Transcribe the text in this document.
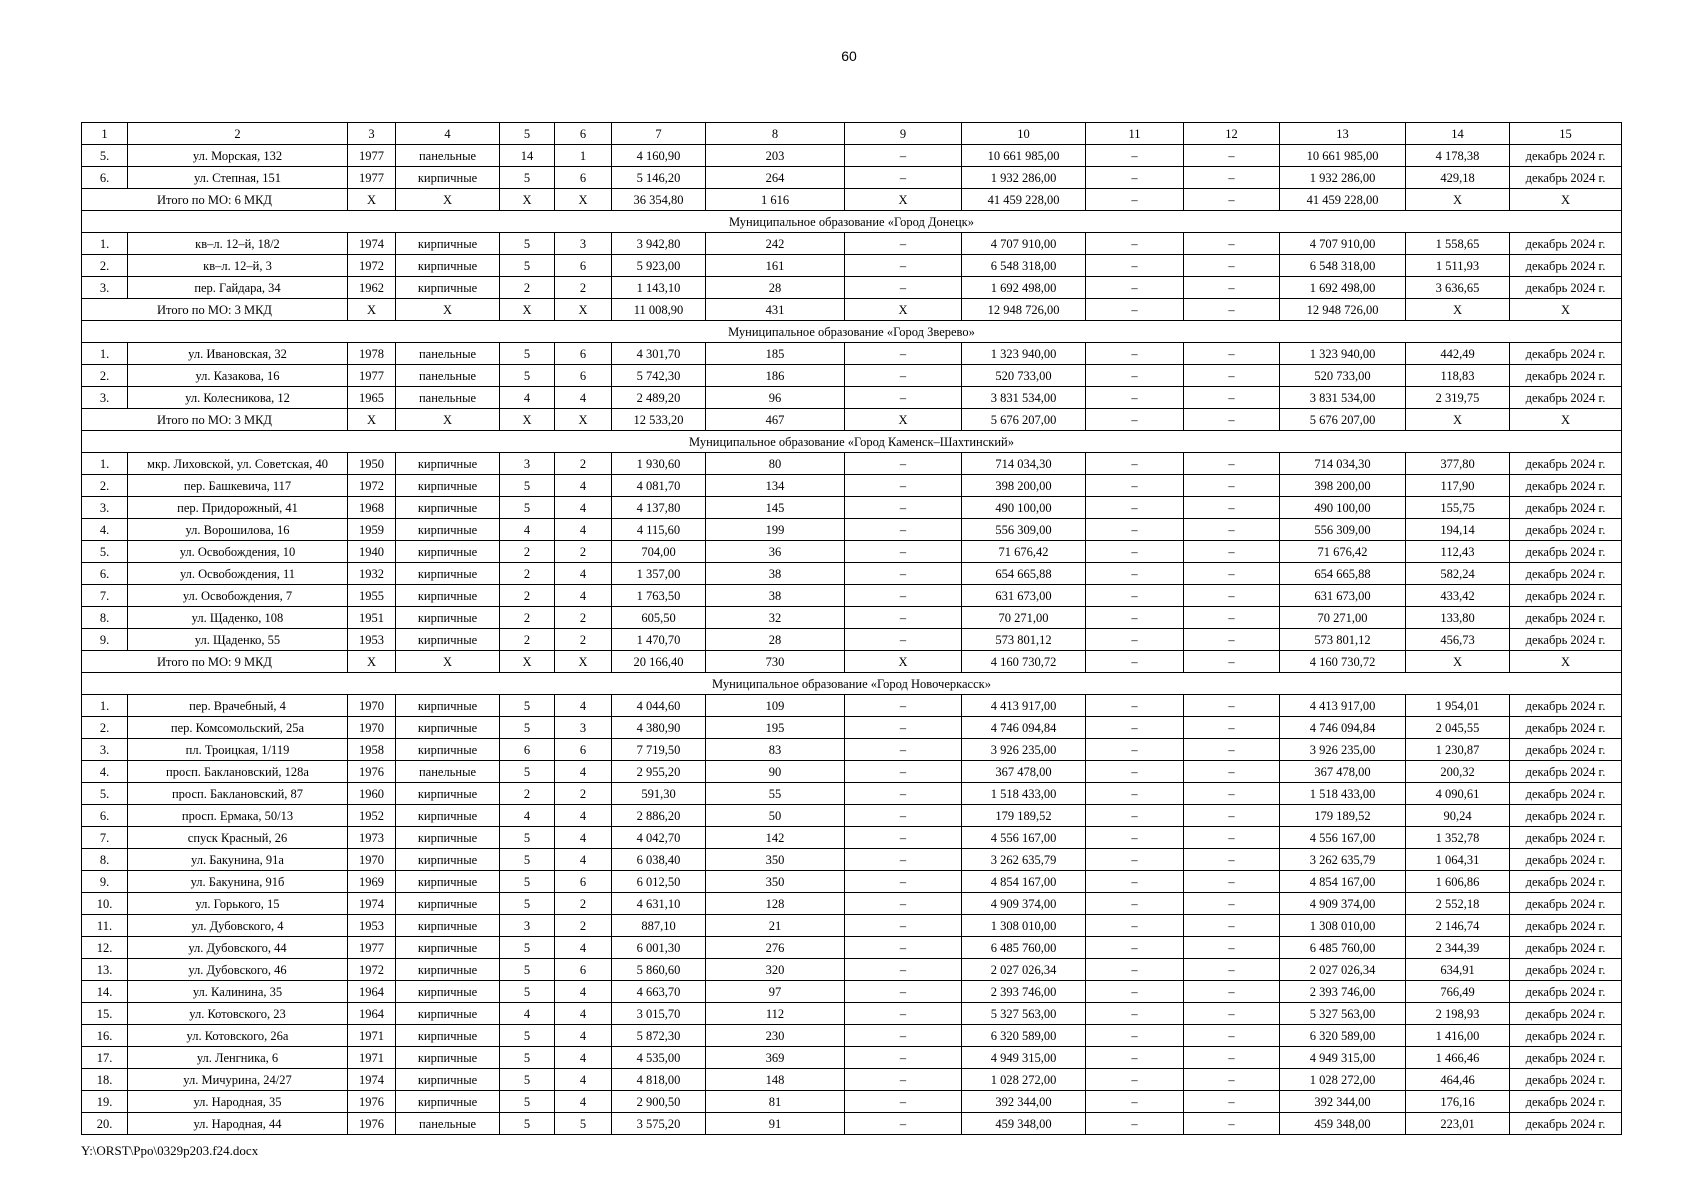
60
1	2	3	4	5	6	7	8	9	10	11	12	13	14	15
5.	ул. Морская, 132	1977	панельные	14	1	4 160,90	203	–	10 661 985,00	–	–	10 661 985,00	4 178,38	декабрь 2024 г.
6.	ул. Степная, 151	1977	кирпичные	5	6	5 146,20	264	–	1 932 286,00	–	–	1 932 286,00	429,18	декабрь 2024 г.
Итого по МО: 6 МКД		X	X	X	X	36 354,80	1 616	X	41 459 228,00	–	–	41 459 228,00	X	X
Муниципальное образование «Город Донецк»														
1.	кв–л. 12–й, 18/2	1974	кирпичные	5	3	3 942,80	242	–	4 707 910,00	–	–	4 707 910,00	1 558,65	декабрь 2024 г.
2.	кв–л. 12–й, 3	1972	кирпичные	5	6	5 923,00	161	–	6 548 318,00	–	–	6 548 318,00	1 511,93	декабрь 2024 г.
3.	пер. Гайдара, 34	1962	кирпичные	2	2	1 143,10	28	–	1 692 498,00	–	–	1 692 498,00	3 636,65	декабрь 2024 г.
Итого по МО: 3 МКД		X	X	X	X	11 008,90	431	X	12 948 726,00	–	–	12 948 726,00	X	X
Муниципальное образование «Город Зверево»														
1.	ул. Ивановская, 32	1978	панельные	5	6	4 301,70	185	–	1 323 940,00	–	–	1 323 940,00	442,49	декабрь 2024 г.
2.	ул. Казакова, 16	1977	панельные	5	6	5 742,30	186	–	520 733,00	–	–	520 733,00	118,83	декабрь 2024 г.
3.	ул. Колесникова, 12	1965	панельные	4	4	2 489,20	96	–	3 831 534,00	–	–	3 831 534,00	2 319,75	декабрь 2024 г.
Итого по МО: 3 МКД		X	X	X	X	12 533,20	467	X	5 676 207,00	–	–	5 676 207,00	X	X
Муниципальное образование «Город Каменск–Шахтинский»														
1.	мкр. Лиховской, ул. Советская, 40	1950	кирпичные	3	2	1 930,60	80	–	714 034,30	–	–	714 034,30	377,80	декабрь 2024 г.
2.	пер. Башкевича, 117	1972	кирпичные	5	4	4 081,70	134	–	398 200,00	–	–	398 200,00	117,90	декабрь 2024 г.
3.	пер. Придорожный, 41	1968	кирпичные	5	4	4 137,80	145	–	490 100,00	–	–	490 100,00	155,75	декабрь 2024 г.
4.	ул. Ворошилова, 16	1959	кирпичные	4	4	4 115,60	199	–	556 309,00	–	–	556 309,00	194,14	декабрь 2024 г.
5.	ул. Освобождения, 10	1940	кирпичные	2	2	704,00	36	–	71 676,42	–	–	71 676,42	112,43	декабрь 2024 г.
6.	ул. Освобождения, 11	1932	кирпичные	2	4	1 357,00	38	–	654 665,88	–	–	654 665,88	582,24	декабрь 2024 г.
7.	ул. Освобождения, 7	1955	кирпичные	2	4	1 763,50	38	–	631 673,00	–	–	631 673,00	433,42	декабрь 2024 г.
8.	ул. Щаденко, 108	1951	кирпичные	2	2	605,50	32	–	70 271,00	–	–	70 271,00	133,80	декабрь 2024 г.
9.	ул. Щаденко, 55	1953	кирпичные	2	2	1 470,70	28	–	573 801,12	–	–	573 801,12	456,73	декабрь 2024 г.
Итого по МО: 9 МКД		X	X	X	X	20 166,40	730	X	4 160 730,72	–	–	4 160 730,72	X	X
Муниципальное образование «Город Новочеркасск»														
1.	пер. Врачебный, 4	1970	кирпичные	5	4	4 044,60	109	–	4 413 917,00	–	–	4 413 917,00	1 954,01	декабрь 2024 г.
2.	пер. Комсомольский, 25а	1970	кирпичные	5	3	4 380,90	195	–	4 746 094,84	–	–	4 746 094,84	2 045,55	декабрь 2024 г.
3.	пл. Троицкая, 1/119	1958	кирпичные	6	6	7 719,50	83	–	3 926 235,00	–	–	3 926 235,00	1 230,87	декабрь 2024 г.
4.	просп. Баклановский, 128а	1976	панельные	5	4	2 955,20	90	–	367 478,00	–	–	367 478,00	200,32	декабрь 2024 г.
5.	просп. Баклановский, 87	1960	кирпичные	2	2	591,30	55	–	1 518 433,00	–	–	1 518 433,00	4 090,61	декабрь 2024 г.
6.	просп. Ермака, 50/13	1952	кирпичные	4	4	2 886,20	50	–	179 189,52	–	–	179 189,52	90,24	декабрь 2024 г.
7.	спуск Красный, 26	1973	кирпичные	5	4	4 042,70	142	–	4 556 167,00	–	–	4 556 167,00	1 352,78	декабрь 2024 г.
8.	ул. Бакунина, 91а	1970	кирпичные	5	4	6 038,40	350	–	3 262 635,79	–	–	3 262 635,79	1 064,31	декабрь 2024 г.
9.	ул. Бакунина, 91б	1969	кирпичные	5	6	6 012,50	350	–	4 854 167,00	–	–	4 854 167,00	1 606,86	декабрь 2024 г.
10.	ул. Горького, 15	1974	кирпичные	5	2	4 631,10	128	–	4 909 374,00	–	–	4 909 374,00	2 552,18	декабрь 2024 г.
11.	ул. Дубовского, 4	1953	кирпичные	3	2	887,10	21	–	1 308 010,00	–	–	1 308 010,00	2 146,74	декабрь 2024 г.
12.	ул. Дубовского, 44	1977	кирпичные	5	4	6 001,30	276	–	6 485 760,00	–	–	6 485 760,00	2 344,39	декабрь 2024 г.
13.	ул. Дубовского, 46	1972	кирпичные	5	6	5 860,60	320	–	2 027 026,34	–	–	2 027 026,34	634,91	декабрь 2024 г.
14.	ул. Калинина, 35	1964	кирпичные	5	4	4 663,70	97	–	2 393 746,00	–	–	2 393 746,00	766,49	декабрь 2024 г.
15.	ул. Котовского, 23	1964	кирпичные	4	4	3 015,70	112	–	5 327 563,00	–	–	5 327 563,00	2 198,93	декабрь 2024 г.
16.	ул. Котовского, 26а	1971	кирпичные	5	4	5 872,30	230	–	6 320 589,00	–	–	6 320 589,00	1 416,00	декабрь 2024 г.
17.	ул. Ленгника, 6	1971	кирпичные	5	4	4 535,00	369	–	4 949 315,00	–	–	4 949 315,00	1 466,46	декабрь 2024 г.
18.	ул. Мичурина, 24/27	1974	кирпичные	5	4	4 818,00	148	–	1 028 272,00	–	–	1 028 272,00	464,46	декабрь 2024 г.
19.	ул. Народная, 35	1976	кирпичные	5	4	2 900,50	81	–	392 344,00	–	–	392 344,00	176,16	декабрь 2024 г.
20.	ул. Народная, 44	1976	панельные	5	5	3 575,20	91	–	459 348,00	–	–	459 348,00	223,01	декабрь 2024 г.
Y:\ORST\Ppo\0329p203.f24.docx
